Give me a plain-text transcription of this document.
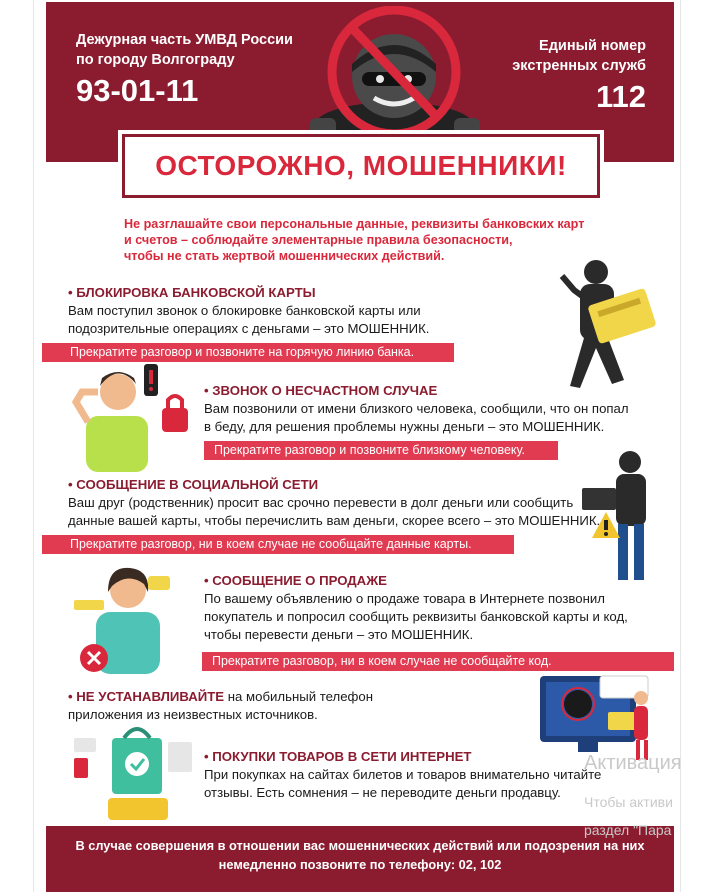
Дежурная часть УМВД России
по городу Волгограду
93-01-11
Единый номер
экстренных служб
112
ОСТОРОЖНО, МОШЕННИКИ!
Не разглашайте свои персональные данные, реквизиты банковских карт
и счетов – соблюдайте элементарные правила безопасности,
чтобы не стать жертвой мошеннических действий.
• БЛОКИРОВКА БАНКОВСКОЙ КАРТЫ
Вам поступил звонок о блокировке банковской карты или
подозрительные операциях с деньгами – это МОШЕННИК.
Прекратите разговор и позвоните на горячую линию банка.
• ЗВОНОК О НЕСЧАСТНОМ СЛУЧАЕ
Вам позвонили от имени близкого человека, сообщили, что он попал
в беду, для решения проблемы нужны деньги – это МОШЕННИК.
Прекратите разговор и позвоните близкому человеку.
• СООБЩЕНИЕ В СОЦИАЛЬНОЙ СЕТИ
Ваш друг (родственник) просит вас срочно перевести в долг деньги или сообщить
данные вашей карты, чтобы перечислить вам деньги, скорее всего – это МОШЕННИК.
Прекратите разговор, ни в коем случае не сообщайте данные карты.
• СООБЩЕНИЕ О ПРОДАЖЕ
По вашему объявлению о продаже товара в Интернете позвонил
покупатель и попросил сообщить реквизиты банковской карты и код,
чтобы перевести деньги – это МОШЕННИК.
Прекратите разговор, ни в коем случае не сообщайте код.
• НЕ УСТАНАВЛИВАЙТЕ на мобильный телефон
приложения из неизвестных источников.
• ПОКУПКИ ТОВАРОВ В СЕТИ ИНТЕРНЕТ
При покупках на сайтах билетов и товаров внимательно читайте
отзывы. Есть сомнения – не переводите деньги продавцу.
В случае совершения в отношении вас мошеннических действий или подозрения на них
немедленно позвоните по телефону: 02, 102
Активация
Чтобы активи
раздел "Пара
